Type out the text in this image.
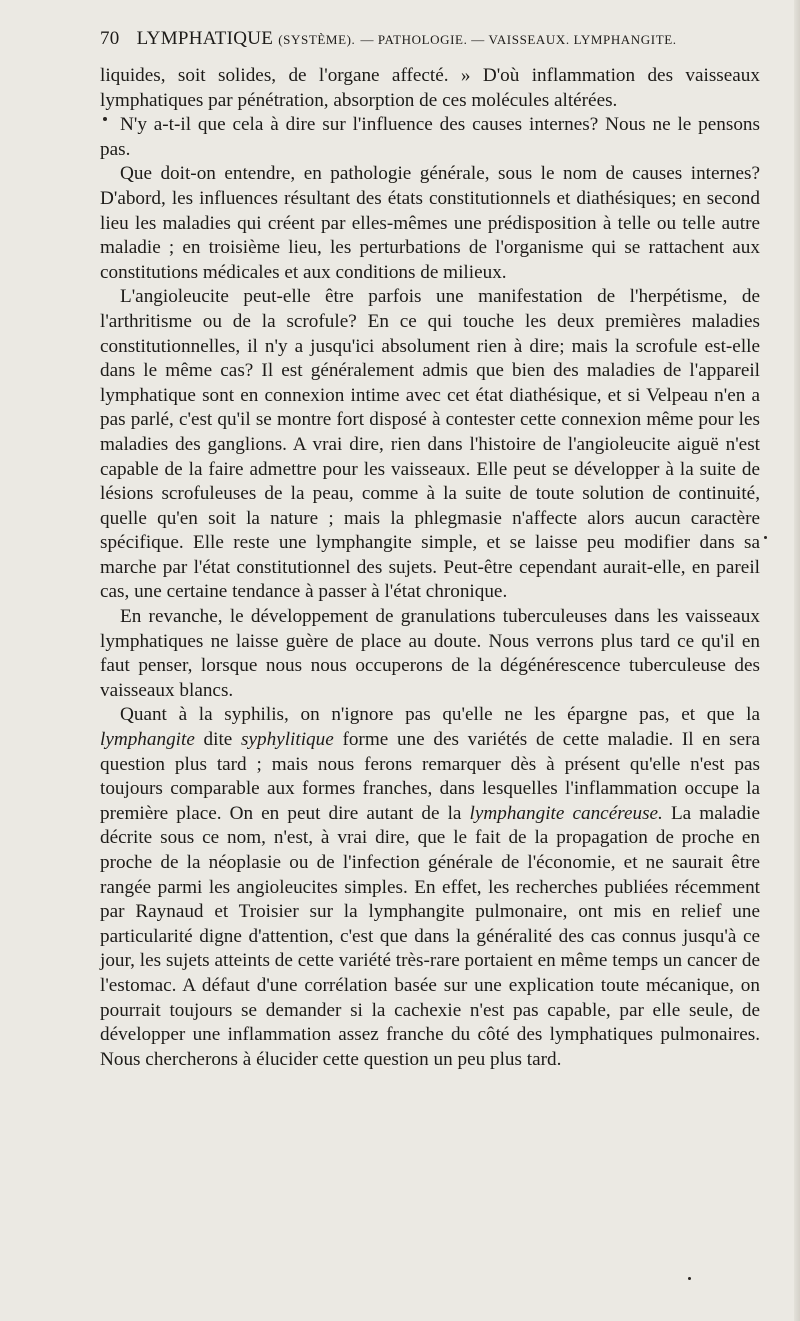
70 LYMPHATIQUE (SYSTÈME). — PATHOLOGIE. — VAISSEAUX. LYMPHANGITE.

liquides, soit solides, de l'organe affecté. » D'où inflammation des vaisseaux lymphatiques par pénétration, absorption de ces molécules altérées.

N'y a-t-il que cela à dire sur l'influence des causes internes? Nous ne le pensons pas.

Que doit-on entendre, en pathologie générale, sous le nom de causes internes? D'abord, les influences résultant des états constitutionnels et diathésiques; en second lieu les maladies qui créent par elles-mêmes une prédisposition à telle ou telle autre maladie ; en troisième lieu, les perturbations de l'organisme qui se rattachent aux constitutions médicales et aux conditions de milieux.

L'angioleucite peut-elle être parfois une manifestation de l'herpétisme, de l'arthritisme ou de la scrofule? En ce qui touche les deux premières maladies constitutionnelles, il n'y a jusqu'ici absolument rien à dire; mais la scrofule est-elle dans le même cas? Il est généralement admis que bien des maladies de l'appareil lymphatique sont en connexion intime avec cet état diathésique, et si Velpeau n'en a pas parlé, c'est qu'il se montre fort disposé à contester cette connexion même pour les maladies des ganglions. A vrai dire, rien dans l'histoire de l'angioleucite aiguë n'est capable de la faire admettre pour les vaisseaux. Elle peut se développer à la suite de lésions scrofuleuses de la peau, comme à la suite de toute solution de continuité, quelle qu'en soit la nature ; mais la phlegmasie n'affecte alors aucun caractère spécifique. Elle reste une lymphangite simple, et se laisse peu modifier dans sa marche par l'état constitutionnel des sujets. Peut-être cependant aurait-elle, en pareil cas, une certaine tendance à passer à l'état chronique.

En revanche, le développement de granulations tuberculeuses dans les vaisseaux lymphatiques ne laisse guère de place au doute. Nous verrons plus tard ce qu'il en faut penser, lorsque nous nous occuperons de la dégénérescence tuberculeuse des vaisseaux blancs.

Quant à la syphilis, on n'ignore pas qu'elle ne les épargne pas, et que la lymphangite dite syphylitique forme une des variétés de cette maladie. Il en sera question plus tard ; mais nous ferons remarquer dès à présent qu'elle n'est pas toujours comparable aux formes franches, dans lesquelles l'inflammation occupe la première place. On en peut dire autant de la lymphangite cancéreuse. La maladie décrite sous ce nom, n'est, à vrai dire, que le fait de la propagation de proche en proche de la néoplasie ou de l'infection générale de l'économie, et ne saurait être rangée parmi les angioleucites simples. En effet, les recherches publiées récemment par Raynaud et Troisier sur la lymphangite pulmonaire, ont mis en relief une particularité digne d'attention, c'est que dans la généralité des cas connus jusqu'à ce jour, les sujets atteints de cette variété très-rare portaient en même temps un cancer de l'estomac. A défaut d'une corrélation basée sur une explication toute mécanique, on pourrait toujours se demander si la cachexie n'est pas capable, par elle seule, de développer une inflammation assez franche du côté des lymphatiques pulmonaires. Nous chercherons à élucider cette question un peu plus tard.
